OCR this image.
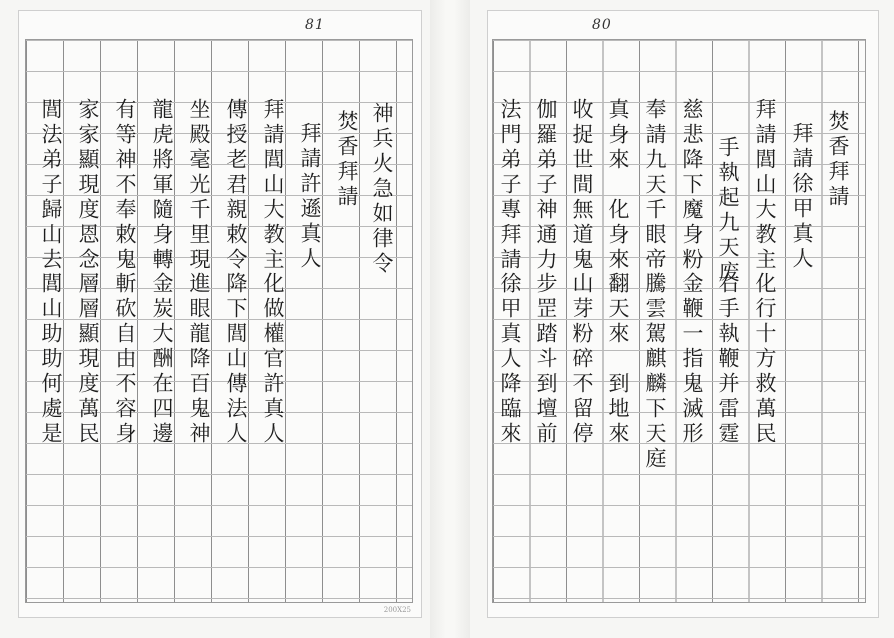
81
神兵火急如律令
焚香拜請
拜請許遜真人
拜請閭山大教主
化做權官許真人
傳授老君親敕令
降下閭山傳法人
坐殿毫光千里現
進眼龍降百鬼神
龍虎將軍隨身轉
金炭大酬在四邊
有等神不奉敕鬼
斬砍自由不容身
家家顯現度恩念
層層顯現度萬民
閭法弟子歸山去
閭山助助何處是
200X25
80
焚香拜請
拜請徐甲真人
拜請閭山大教主
化行十方救萬民
手執起九天废
右手執鞭并雷霆
慈悲降下魔身粉
金鞭一指鬼滅形
奉請九天千眼帝
騰雲駕麒麟下天庭
真身來　化身來
翻天來　到地來
收捉世間無道鬼
山芽粉碎不留停
伽羅弟子神通力
步罡踏斗到壇前
法門弟子專拜請
徐甲真人降臨來
